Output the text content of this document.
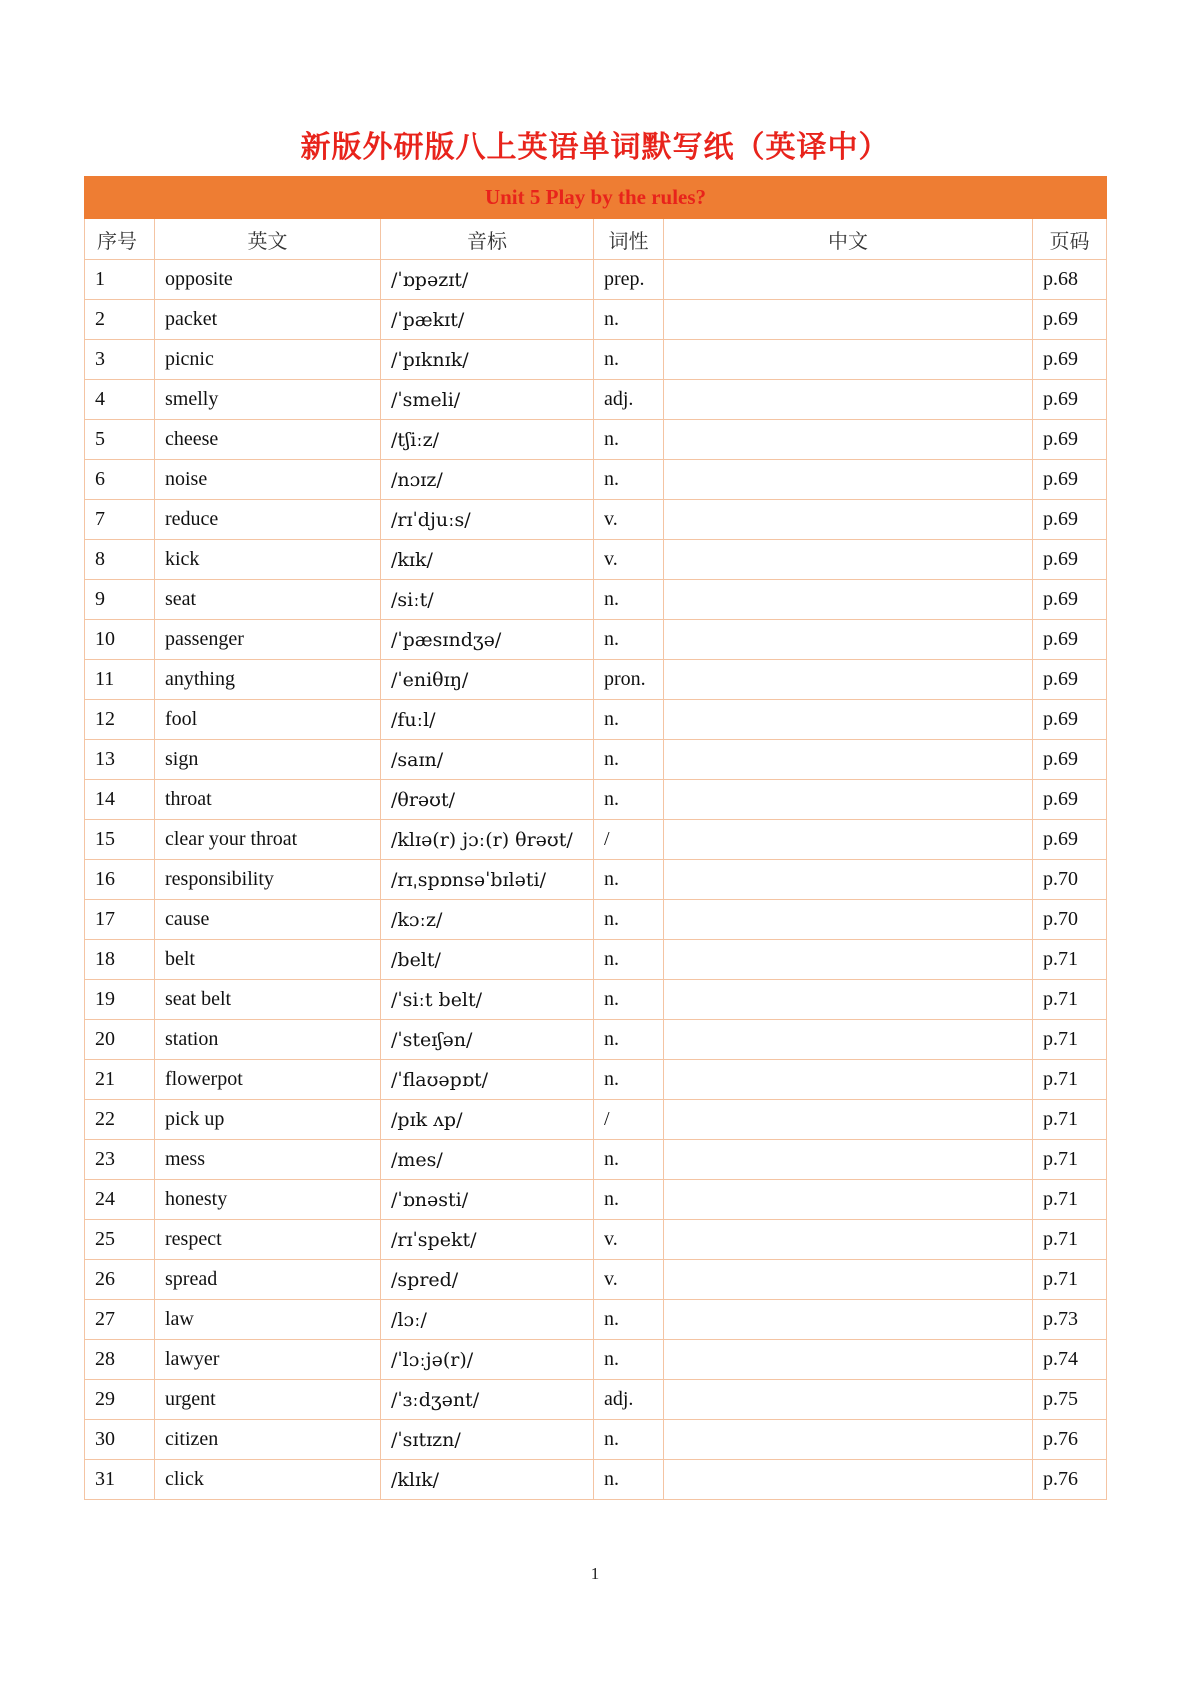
新版外研版八上英语单词默写纸（英译中）
Unit 5 Play by the rules?					
序号	英文	音标	词性	中文	页码
1	opposite	/ˈɒpəzɪt/	prep.		p.68
2	packet	/ˈpækɪt/	n.		p.69
3	picnic	/ˈpɪknɪk/	n.		p.69
4	smelly	/ˈsmeli/	adj.		p.69
5	cheese	/tʃiːz/	n.		p.69
6	noise	/nɔɪz/	n.		p.69
7	reduce	/rɪˈdjuːs/	v.		p.69
8	kick	/kɪk/	v.		p.69
9	seat	/siːt/	n.		p.69
10	passenger	/ˈpæsɪndʒə/	n.		p.69
11	anything	/ˈeniθɪŋ/	pron.		p.69
12	fool	/fuːl/	n.		p.69
13	sign	/saɪn/	n.		p.69
14	throat	/θrəʊt/	n.		p.69
15	clear your throat	/klɪə(r) jɔː(r) θrəʊt/	/		p.69
16	responsibility	/rɪˌspɒnsəˈbɪləti/	n.		p.70
17	cause	/kɔːz/	n.		p.70
18	belt	/belt/	n.		p.71
19	seat belt	/ˈsiːt belt/	n.		p.71
20	station	/ˈsteɪʃən/	n.		p.71
21	flowerpot	/ˈflaʊəpɒt/	n.		p.71
22	pick up	/pɪk ʌp/	/		p.71
23	mess	/mes/	n.		p.71
24	honesty	/ˈɒnəsti/	n.		p.71
25	respect	/rɪˈspekt/	v.		p.71
26	spread	/spred/	v.		p.71
27	law	/lɔː/	n.		p.73
28	lawyer	/ˈlɔːjə(r)/	n.		p.74
29	urgent	/ˈɜːdʒənt/	adj.		p.75
30	citizen	/ˈsɪtɪzn/	n.		p.76
31	click	/klɪk/	n.		p.76
1
